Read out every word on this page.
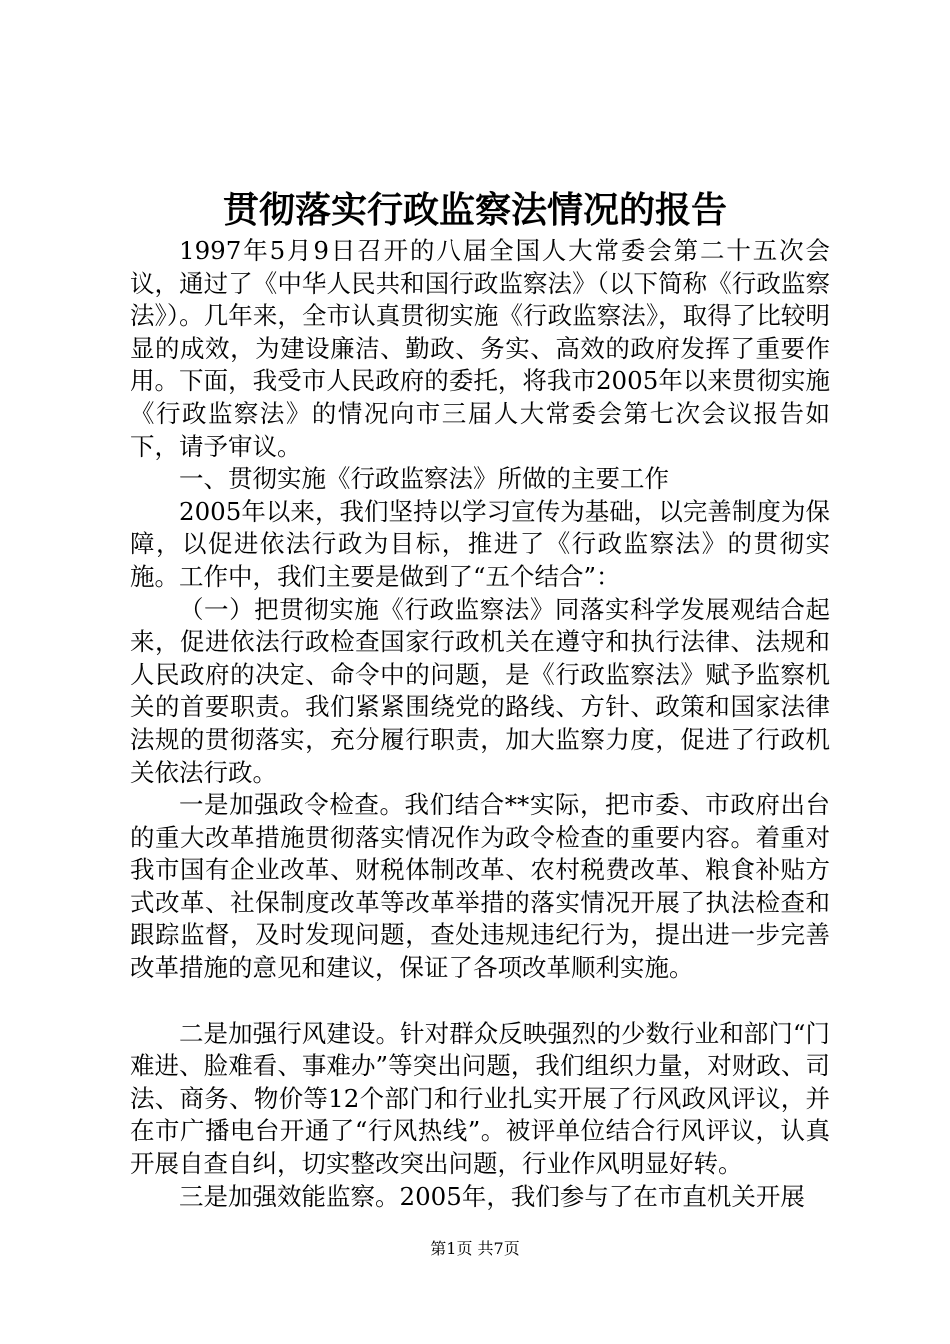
贯彻落实行政监察法情况的报告

1997年5月9日召开的八届全国人大常委会第二十五次会议，通过了《中华人民共和国行政监察法》（以下简称《行政监察法》）。几年来，全市认真贯彻实施《行政监察法》，取得了比较明显的成效，为建设廉洁、勤政、务实、高效的政府发挥了重要作用。下面，我受市人民政府的委托，将我市2005年以来贯彻实施《行政监察法》的情况向市三届人大常委会第七次会议报告如下，请予审议。

一、贯彻实施《行政监察法》所做的主要工作

2005年以来，我们坚持以学习宣传为基础，以完善制度为保障，以促进依法行政为目标，推进了《行政监察法》的贯彻实施。工作中，我们主要是做到了“五个结合”：

（一）把贯彻实施《行政监察法》同落实科学发展观结合起来，促进依法行政检查国家行政机关在遵守和执行法律、法规和人民政府的决定、命令中的问题，是《行政监察法》赋予监察机关的首要职责。我们紧紧围绕党的路线、方针、政策和国家法律法规的贯彻落实，充分履行职责，加大监察力度，促进了行政机关依法行政。

一是加强政令检查。我们结合**实际，把市委、市政府出台的重大改革措施贯彻落实情况作为政令检查的重要内容。着重对我市国有企业改革、财税体制改革、农村税费改革、粮食补贴方式改革、社保制度改革等改革举措的落实情况开展了执法检查和跟踪监督，及时发现问题，查处违规违纪行为，提出进一步完善改革措施的意见和建议，保证了各项改革顺利实施。

二是加强行风建设。针对群众反映强烈的少数行业和部门“门难进、脸难看、事难办”等突出问题，我们组织力量，对财政、司法、商务、物价等12个部门和行业扎实开展了行风政风评议，并在市广播电台开通了“行风热线”。被评单位结合行风评议，认真开展自查自纠，切实整改突出问题，行业作风明显好转。

三是加强效能监察。2005年，我们参与了在市直机关开展

第1页 共7页
